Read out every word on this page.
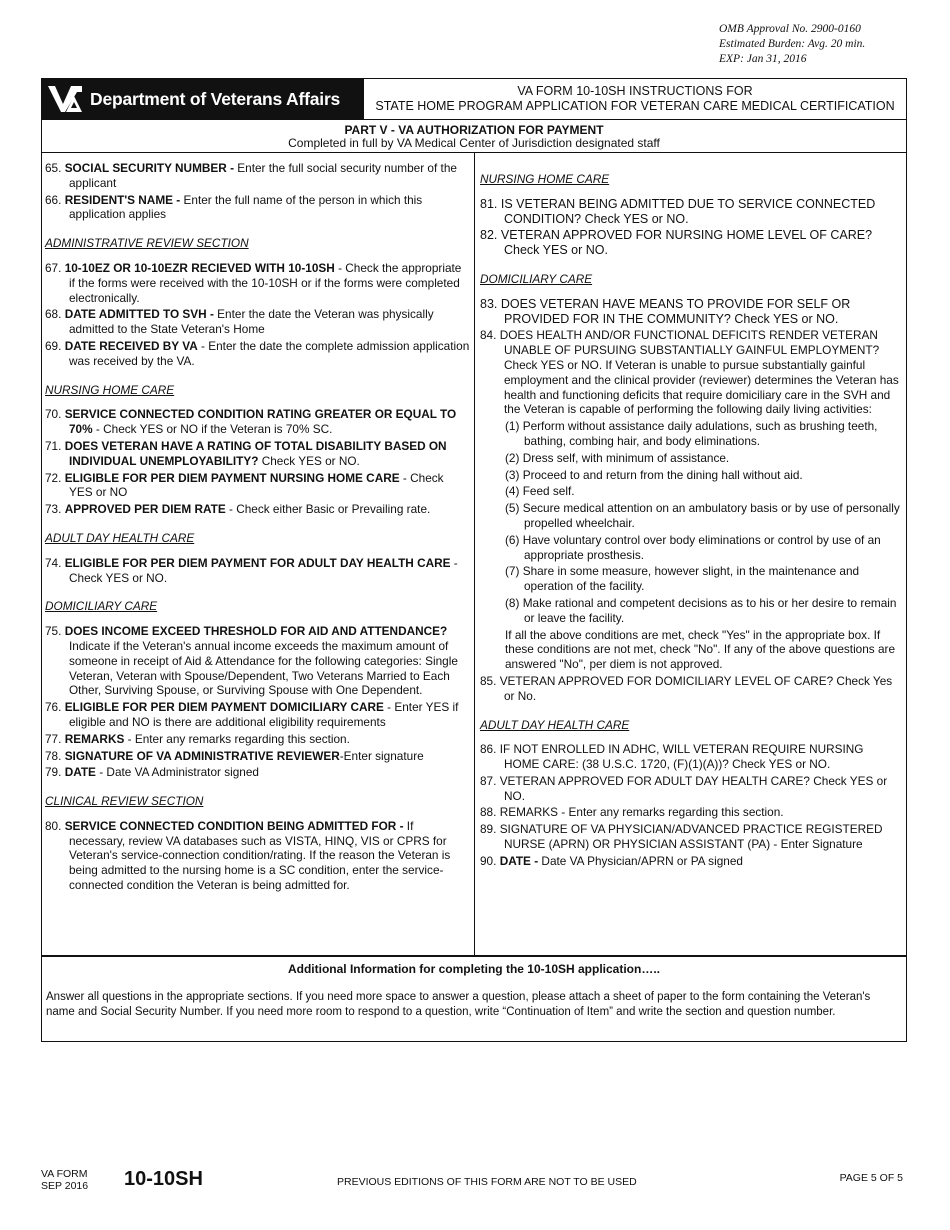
OMB Approval No. 2900-0160
Estimated Burden: Avg. 20 min.
EXP: Jan 31, 2016
Department of Veterans Affairs	VA FORM 10-10SH INSTRUCTIONS FOR
STATE HOME PROGRAM APPLICATION FOR VETERAN CARE MEDICAL CERTIFICATION
PART V - VA AUTHORIZATION FOR PAYMENT
Completed in full by VA Medical Center of Jurisdiction designated staff
65. SOCIAL SECURITY NUMBER - Enter the full social security number of the applicant
66. RESIDENT'S NAME - Enter the full name of the person in which this application applies
ADMINISTRATIVE REVIEW SECTION
67. 10-10EZ OR 10-10EZR RECIEVED WITH 10-10SH - Check the appropriate if the forms were received with the 10-10SH or if the forms were completed electronically.
68. DATE ADMITTED TO SVH - Enter the date the Veteran was physically admitted to the State Veteran's Home
69. DATE RECEIVED BY VA - Enter the date the complete admission application was received by the VA.
NURSING HOME CARE
70. SERVICE CONNECTED CONDITION RATING GREATER OR EQUAL TO 70% - Check YES or NO if the Veteran is 70% SC.
71. DOES VETERAN HAVE A RATING OF TOTAL DISABILITY BASED ON INDIVIDUAL UNEMPLOYABILITY? Check YES or NO.
72. ELIGIBLE FOR PER DIEM PAYMENT NURSING HOME CARE - Check YES or NO
73. APPROVED PER DIEM RATE - Check either Basic or Prevailing rate.
ADULT DAY HEALTH CARE
74. ELIGIBLE FOR PER DIEM PAYMENT FOR ADULT DAY HEALTH CARE - Check YES or NO.
DOMICILIARY CARE
75. DOES INCOME EXCEED THRESHOLD FOR AID AND ATTENDANCE? Indicate if the Veteran's annual income exceeds the maximum amount of someone in receipt of Aid & Attendance for the following categories: Single Veteran, Veteran with Spouse/Dependent, Two Veterans Married to Each Other, Surviving Spouse, or Surviving Spouse with One Dependent.
76. ELIGIBLE FOR PER DIEM PAYMENT DOMICILIARY CARE - Enter YES if eligible and NO is there are additional eligibility requirements
77. REMARKS - Enter any remarks regarding this section.
78. SIGNATURE OF VA ADMINISTRATIVE REVIEWER-Enter signature
79. DATE - Date VA Administrator signed
CLINICAL REVIEW SECTION
80. SERVICE CONNECTED CONDITION BEING ADMITTED FOR - If necessary, review VA databases such as VISTA, HINQ, VIS or CPRS for Veteran's service-connection condition/rating. If the reason the Veteran is being admitted to the nursing home is a SC condition, enter the service-connected condition the Veteran is being admitted for.
NURSING HOME CARE
81. IS VETERAN BEING ADMITTED DUE TO SERVICE CONNECTED CONDITION? Check YES or NO.
82. VETERAN APPROVED FOR NURSING HOME LEVEL OF CARE? Check YES or NO.
DOMICILIARY CARE
83. DOES VETERAN HAVE MEANS TO PROVIDE FOR SELF OR PROVIDED FOR IN THE COMMUNITY? Check YES or NO.
84. DOES HEALTH AND/OR FUNCTIONAL DEFICITS RENDER VETERAN UNABLE OF PURSUING SUBSTANTIALLY GAINFUL EMPLOYMENT? Check YES or NO. If Veteran is unable to pursue substantially gainful employment and the clinical provider (reviewer) determines the Veteran has health and functioning deficits that require domiciliary care in the SVH and the Veteran is capable of performing the following daily living activities:
(1) Perform without assistance daily adulations, such as brushing teeth, bathing, combing hair, and body eliminations.
(2) Dress self, with minimum of assistance.
(3) Proceed to and return from the dining hall without aid.
(4) Feed self.
(5) Secure medical attention on an ambulatory basis or by use of personally propelled wheelchair.
(6) Have voluntary control over body eliminations or control by use of an appropriate prosthesis.
(7) Share in some measure, however slight, in the maintenance and operation of the facility.
(8) Make rational and competent decisions as to his or her desire to remain or leave the facility.
If all the above conditions are met, check "Yes" in the appropriate box. If these conditions are not met, check "No". If any of the above questions are answered "No", per diem is not approved.
85. VETERAN APPROVED FOR DOMICILIARY LEVEL OF CARE? Check Yes or No.
ADULT DAY HEALTH CARE
86. IF NOT ENROLLED IN ADHC, WILL VETERAN REQUIRE NURSING HOME CARE: (38 U.S.C. 1720, (F)(1)(A))? Check YES or NO.
87. VETERAN APPROVED FOR ADULT DAY HEALTH CARE? Check YES or NO.
88. REMARKS - Enter any remarks regarding this section.
89. SIGNATURE OF VA PHYSICIAN/ADVANCED PRACTICE REGISTERED NURSE (APRN) OR PHYSICIAN ASSISTANT (PA) - Enter Signature
90. DATE - Date VA Physician/APRN or PA signed
Additional Information for completing the 10-10SH application…..
Answer all questions in the appropriate sections. If you need more space to answer a question, please attach a sheet of paper to the form containing the Veteran's name and Social Security Number. If you need more room to respond to a question, write “Continuation of Item” and write the section and question number.
VA FORM
SEP 2016 10-10SH	PREVIOUS EDITIONS OF THIS FORM ARE NOT TO BE USED	PAGE 5 OF 5
